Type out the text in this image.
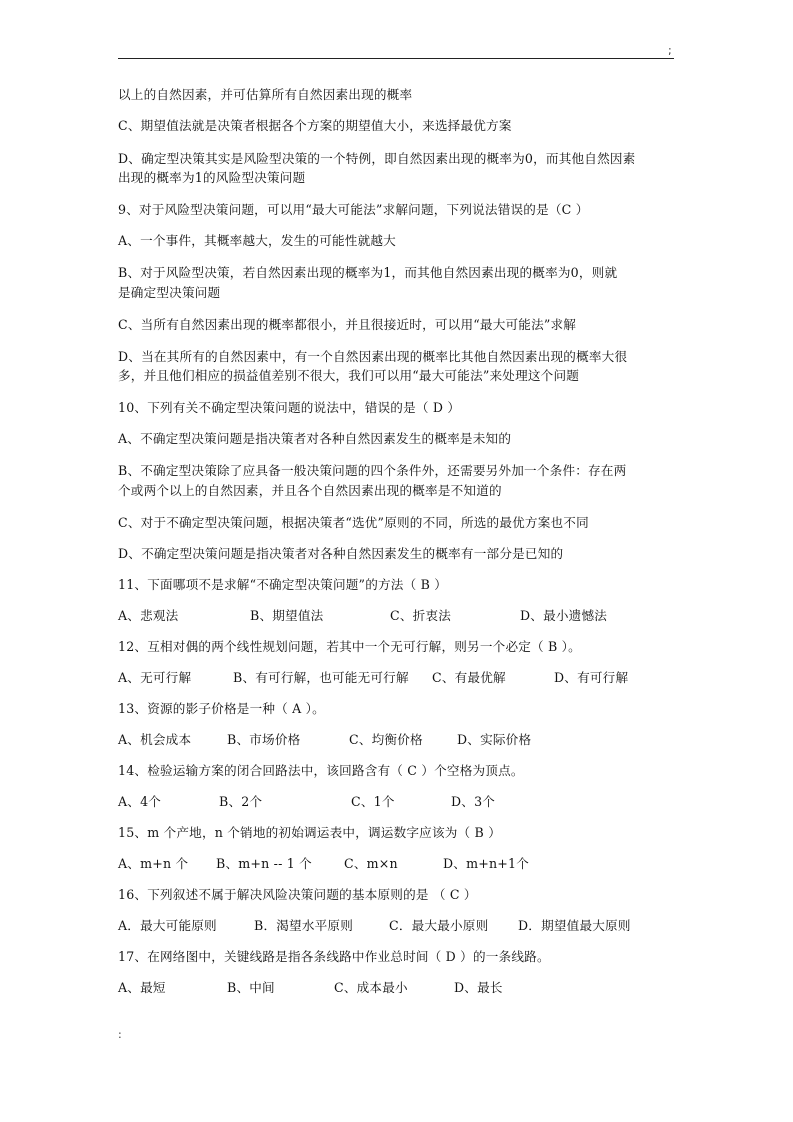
;
以上的自然因素，并可估算所有自然因素出现的概率
C、期望值法就是决策者根据各个方案的期望值大小，来选择最优方案
D、确定型决策其实是风险型决策的一个特例，即自然因素出现的概率为0，而其他自然因素
出现的概率为1的风险型决策问题
9、对于风险型决策问题，可以用“最大可能法”求解问题，下列说法错误的是（C ）
A、一个事件，其概率越大，发生的可能性就越大
B、对于风险型决策，若自然因素出现的概率为1，而其他自然因素出现的概率为0，则就
是确定型决策问题
C、当所有自然因素出现的概率都很小，并且很接近时，可以用“最大可能法”求解
D、当在其所有的自然因素中，有一个自然因素出现的概率比其他自然因素出现的概率大很
多，并且他们相应的损益值差别不很大，我们可以用“最大可能法”来处理这个问题
10、下列有关不确定型决策问题的说法中，错误的是（ D ）
A、不确定型决策问题是指决策者对各种自然因素发生的概率是未知的
B、不确定型决策除了应具备一般决策问题的四个条件外，还需要另外加一个条件：存在两
个或两个以上的自然因素，并且各个自然因素出现的概率是不知道的
C、对于不确定型决策问题，根据决策者“选优”原则的不同，所选的最优方案也不同
D、不确定型决策问题是指决策者对各种自然因素发生的概率有一部分是已知的
11、下面哪项不是求解“不确定型决策问题”的方法（ B ）
A、悲观法	B、期望值法	C、折衷法	D、最小遗憾法
12、互相对偶的两个线性规划问题，若其中一个无可行解，则另一个必定（ B ）。
A、无可行解	B、有可行解，也可能无可行解 C、有最优解	D、有可行解
13、资源的影子价格是一种（ A ）。
A、机会成本	B、市场价格	C、均衡价格	D、实际价格
14、检验运输方案的闭合回路法中，该回路含有（ C ）个空格为顶点。
A、4个	B、2个	C、1个	D、3个
15、m 个产地，n 个销地的初始调运表中，调运数字应该为（ B ）
A、m+n 个 B、m+n -- 1 个	C、m×n	D、m+n+1个
16、下列叙述不属于解决风险决策问题的基本原则的是 （ C ）
A．最大可能原则	B．渴望水平原则	C．最大最小原则 D．期望值最大原则
17、在网络图中，关键线路是指各条线路中作业总时间（ D ）的一条线路。
A、最短	B、中间	C、成本最小	D、最长
:
